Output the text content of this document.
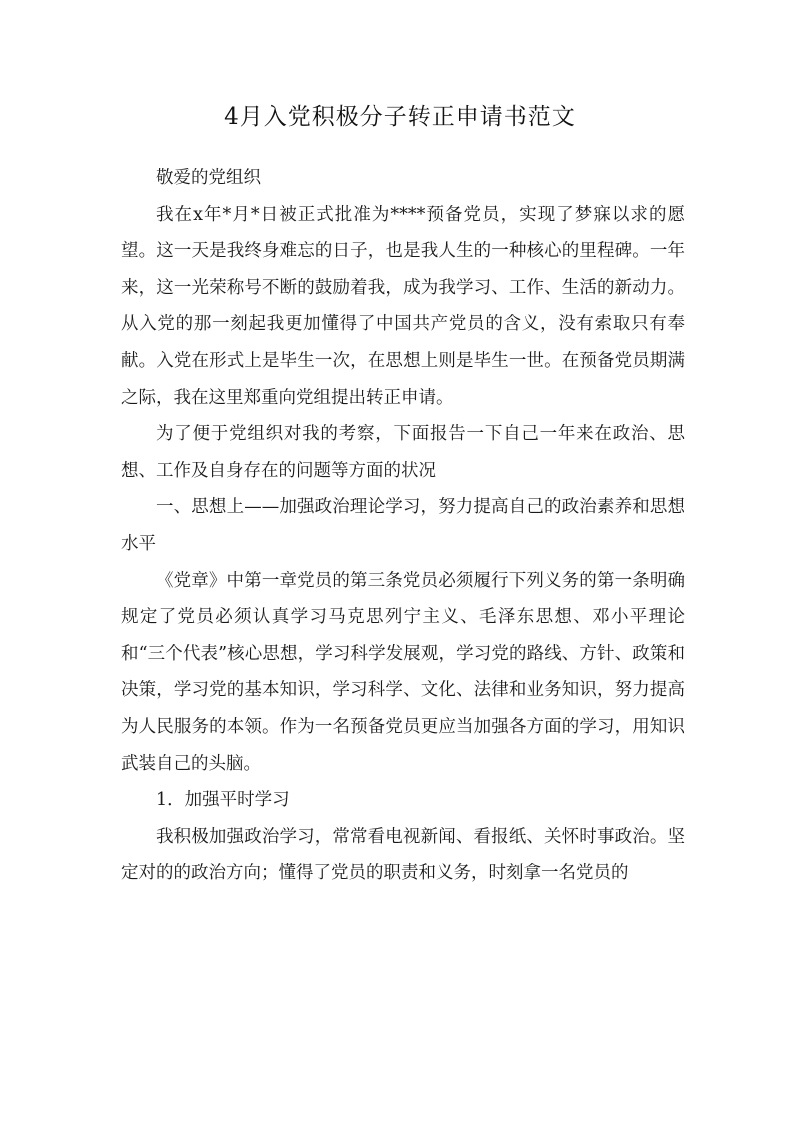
4月入党积极分子转正申请书范文

敬爱的党组织

我在x年*月*日被正式批准为****预备党员，实现了梦寐以求的愿望。这一天是我终身难忘的日子，也是我人生的一种核心的里程碑。一年来，这一光荣称号不断的鼓励着我，成为我学习、工作、生活的新动力。从入党的那一刻起我更加懂得了中国共产党员的含义，没有索取只有奉献。入党在形式上是毕生一次，在思想上则是毕生一世。在预备党员期满之际，我在这里郑重向党组提出转正申请。

为了便于党组织对我的考察，下面报告一下自己一年来在政治、思想、工作及自身存在的问题等方面的状况

一、思想上——加强政治理论学习，努力提高自己的政治素养和思想水平

《党章》中第一章党员的第三条党员必须履行下列义务的第一条明确规定了党员必须认真学习马克思列宁主义、毛泽东思想、邓小平理论和“三个代表”核心思想，学习科学发展观，学习党的路线、方针、政策和决策，学习党的基本知识，学习科学、文化、法律和业务知识，努力提高为人民服务的本领。作为一名预备党员更应当加强各方面的学习，用知识武装自己的头脑。

1．加强平时学习

我积极加强政治学习，常常看电视新闻、看报纸、关怀时事政治。坚定对的的政治方向；懂得了党员的职责和义务，时刻拿一名党员的
